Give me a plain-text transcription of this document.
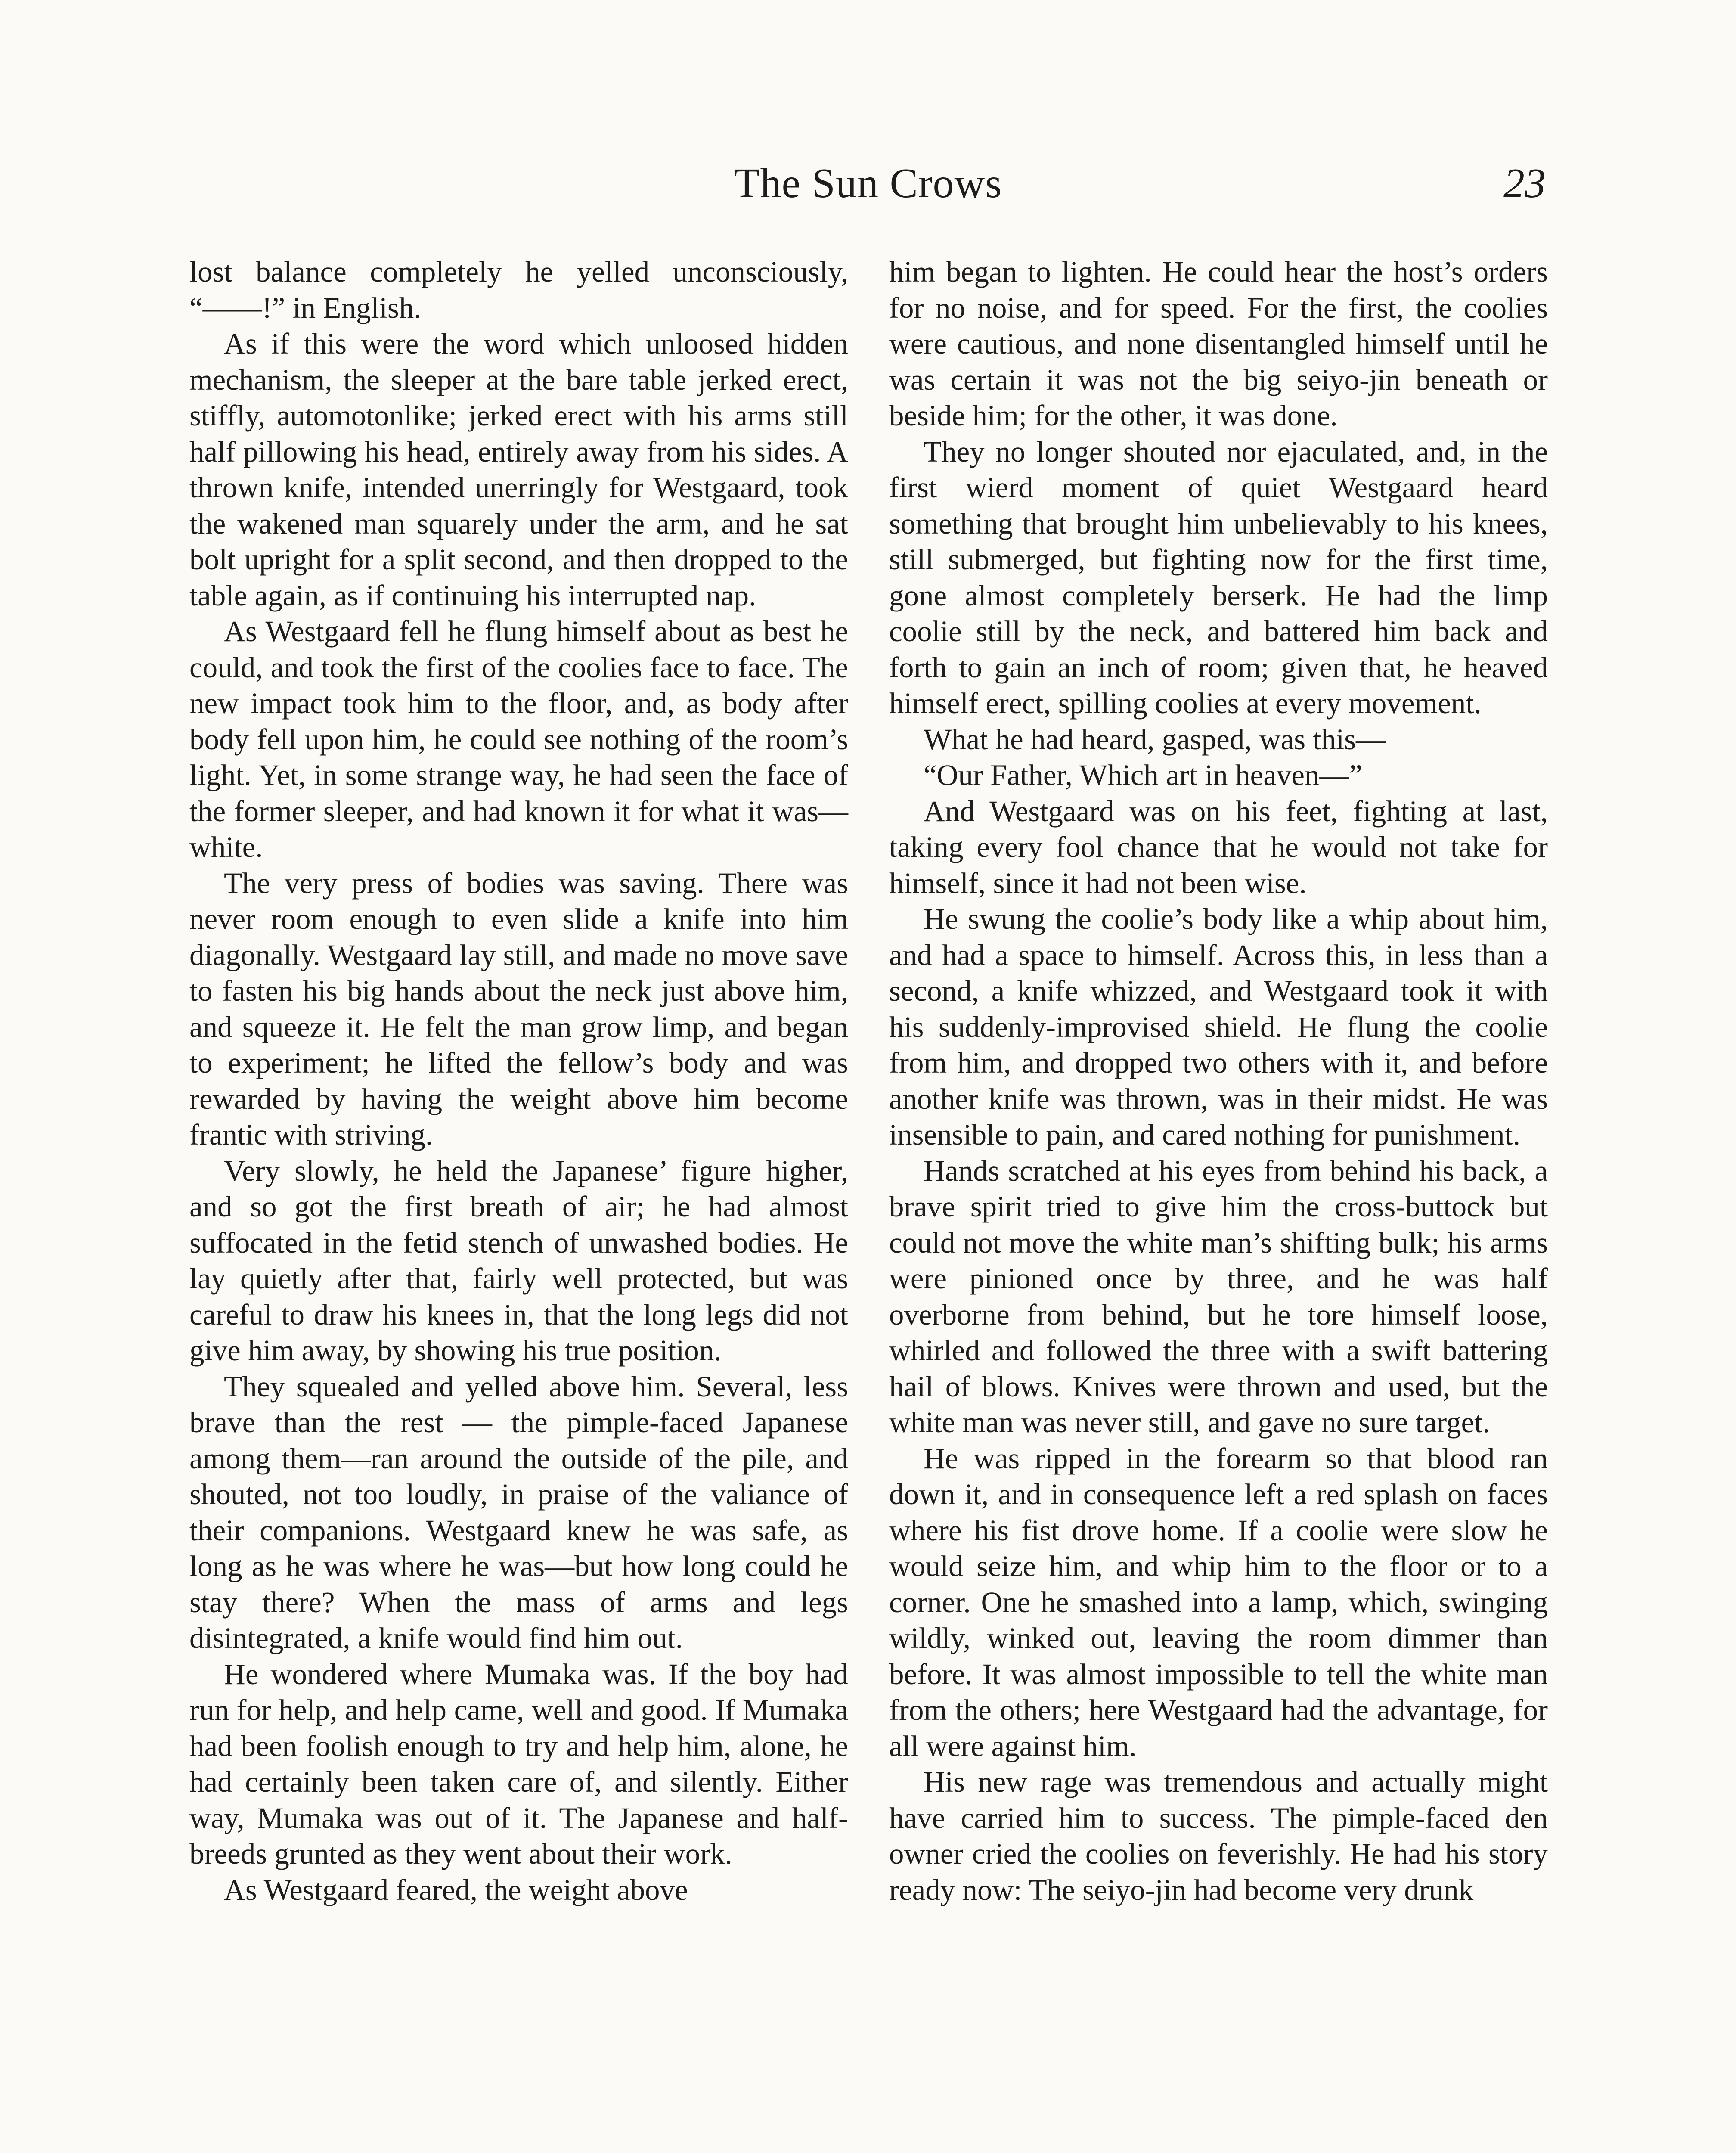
The Sun Crows	23

lost balance completely he yelled unconsciously, “——!” in English.

As if this were the word which unloosed hidden mechanism, the sleeper at the bare table jerked erect, stiffly, automotonlike; jerked erect with his arms still half pillowing his head, entirely away from his sides. A thrown knife, intended unerringly for Westgaard, took the wakened man squarely under the arm, and he sat bolt upright for a split second, and then dropped to the table again, as if continuing his interrupted nap.

As Westgaard fell he flung himself about as best he could, and took the first of the coolies face to face. The new impact took him to the floor, and, as body after body fell upon him, he could see nothing of the room’s light. Yet, in some strange way, he had seen the face of the former sleeper, and had known it for what it was—white.

The very press of bodies was saving. There was never room enough to even slide a knife into him diagonally. Westgaard lay still, and made no move save to fasten his big hands about the neck just above him, and squeeze it. He felt the man grow limp, and began to experiment; he lifted the fellow’s body and was rewarded by having the weight above him become frantic with striving.

Very slowly, he held the Japanese’ figure higher, and so got the first breath of air; he had almost suffocated in the fetid stench of unwashed bodies. He lay quietly after that, fairly well protected, but was careful to draw his knees in, that the long legs did not give him away, by showing his true position.

They squealed and yelled above him. Several, less brave than the rest — the pimple-faced Japanese among them—ran around the outside of the pile, and shouted, not too loudly, in praise of the valiance of their companions. Westgaard knew he was safe, as long as he was where he was—but how long could he stay there? When the mass of arms and legs disintegrated, a knife would find him out.

He wondered where Mumaka was. If the boy had run for help, and help came, well and good. If Mumaka had been foolish enough to try and help him, alone, he had certainly been taken care of, and silently. Either way, Mumaka was out of it. The Japanese and half-breeds grunted as they went about their work.

As Westgaard feared, the weight above

him began to lighten. He could hear the host’s orders for no noise, and for speed. For the first, the coolies were cautious, and none disentangled himself until he was certain it was not the big seiyo-jin beneath or beside him; for the other, it was done.

They no longer shouted nor ejaculated, and, in the first wierd moment of quiet Westgaard heard something that brought him unbelievably to his knees, still submerged, but fighting now for the first time, gone almost completely berserk. He had the limp coolie still by the neck, and battered him back and forth to gain an inch of room; given that, he heaved himself erect, spilling coolies at every movement.

What he had heard, gasped, was this—

“Our Father, Which art in heaven—”

And Westgaard was on his feet, fighting at last, taking every fool chance that he would not take for himself, since it had not been wise.

He swung the coolie’s body like a whip about him, and had a space to himself. Across this, in less than a second, a knife whizzed, and Westgaard took it with his suddenly-improvised shield. He flung the coolie from him, and dropped two others with it, and before another knife was thrown, was in their midst. He was insensible to pain, and cared nothing for punishment.

Hands scratched at his eyes from behind his back, a brave spirit tried to give him the cross-buttock but could not move the white man’s shifting bulk; his arms were pinioned once by three, and he was half overborne from behind, but he tore himself loose, whirled and followed the three with a swift battering hail of blows. Knives were thrown and used, but the white man was never still, and gave no sure target.

He was ripped in the forearm so that blood ran down it, and in consequence left a red splash on faces where his fist drove home. If a coolie were slow he would seize him, and whip him to the floor or to a corner. One he smashed into a lamp, which, swinging wildly, winked out, leaving the room dimmer than before. It was almost impossible to tell the white man from the others; here Westgaard had the advantage, for all were against him.

His new rage was tremendous and actually might have carried him to success. The pimple-faced den owner cried the coolies on feverishly. He had his story ready now: The seiyo-jin had become very drunk
